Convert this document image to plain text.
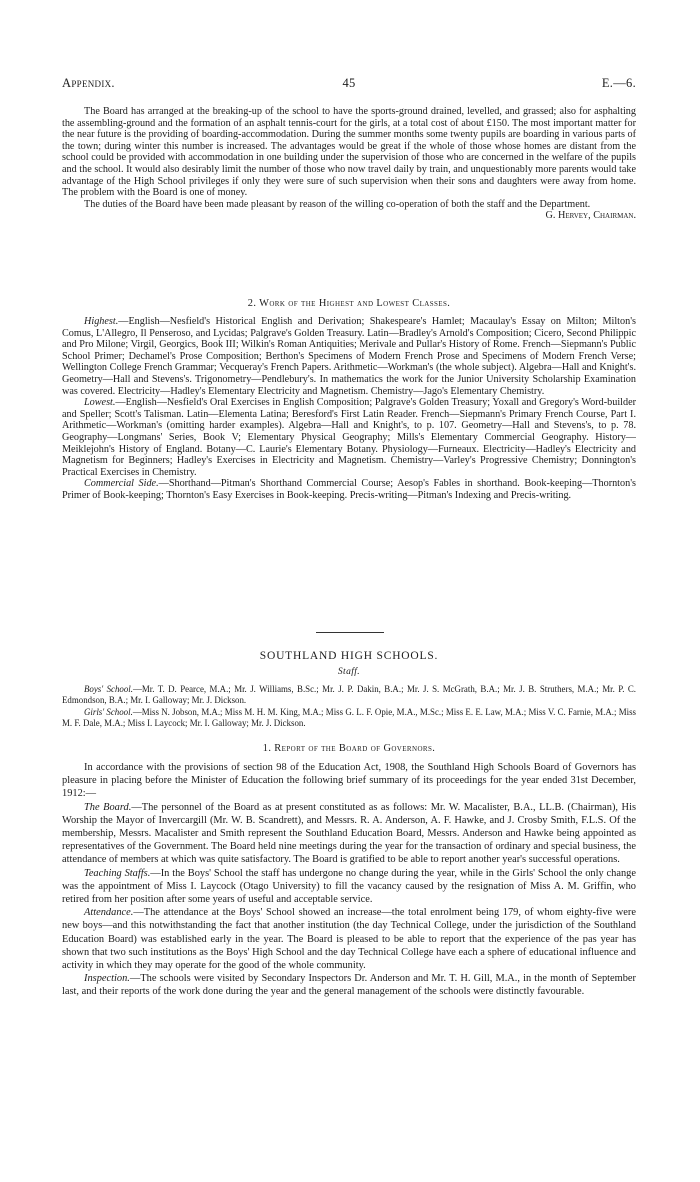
Appendix.	45	E.—6.

The Board has arranged at the breaking-up of the school to have the sports-ground drained, levelled, and grassed; also for asphalting the assembling-ground and the formation of an asphalt tennis-court for the girls, at a total cost of about £150. The most important matter for the near future is the providing of boarding-accommodation. During the summer months some twenty pupils are boarding in various parts of the town; during winter this number is increased. The advantages would be great if the whole of those whose homes are distant from the school could be provided with accommodation in one building under the supervision of those who are concerned in the welfare of the pupils and the school. It would also desirably limit the number of those who now travel daily by train, and unquestionably more parents would take advantage of the High School privileges if only they were sure of such supervision when their sons and daughters were away from home. The problem with the Board is one of money.

The duties of the Board have been made pleasant by reason of the willing co-operation of both the staff and the Department.
G. Hervey, Chairman.

2. Work of the Highest and Lowest Classes.

Highest.—English—Nesfield's Historical English and Derivation; Shakespeare's Hamlet; Macaulay's Essay on Milton; Milton's Comus, L'Allegro, Il Penseroso, and Lycidas; Palgrave's Golden Treasury. Latin—Bradley's Arnold's Composition; Cicero, Second Philippic and Pro Milone; Virgil, Georgics, Book III; Wilkin's Roman Antiquities; Merivale and Pullar's History of Rome. French—Siepmann's Public School Primer; Dechamel's Prose Composition; Berthon's Specimens of Modern French Prose and Specimens of Modern French Verse; Wellington College French Grammar; Vecqueray's French Papers. Arithmetic—Workman's (the whole subject). Algebra—Hall and Knight's. Geometry—Hall and Stevens's. Trigonometry—Pendlebury's. In mathematics the work for the Junior University Scholarship Examination was covered. Electricity—Hadley's Elementary Electricity and Magnetism. Chemistry—Jago's Elementary Chemistry.

Lowest.—English—Nesfield's Oral Exercises in English Composition; Palgrave's Golden Treasury; Yoxall and Gregory's Word-builder and Speller; Scott's Talisman. Latin—Elementa Latina; Beresford's First Latin Reader. French—Siepmann's Primary French Course, Part I. Arithmetic—Workman's (omitting harder examples). Algebra—Hall and Knight's, to p. 107. Geometry—Hall and Stevens's, to p. 78. Geography—Longmans' Series, Book V; Elementary Physical Geography; Mills's Elementary Commercial Geography. History—Meiklejohn's History of England. Botany—C. Laurie's Elementary Botany. Physiology—Furneaux. Electricity—Hadley's Electricity and Magnetism for Beginners; Hadley's Exercises in Electricity and Magnetism. Chemistry—Varley's Progressive Chemistry; Donnington's Practical Exercises in Chemistry.

Commercial Side.—Shorthand—Pitman's Shorthand Commercial Course; Aesop's Fables in shorthand. Book-keeping—Thornton's Primer of Book-keeping; Thornton's Easy Exercises in Book-keeping. Precis-writing—Pitman's Indexing and Precis-writing.

SOUTHLAND HIGH SCHOOLS.
Staff.

Boys' School.—Mr. T. D. Pearce, M.A.; Mr. J. Williams, B.Sc.; Mr. J. P. Dakin, B.A.; Mr. J. S. McGrath, B.A.; Mr. J. B. Struthers, M.A.; Mr. P. C. Edmondson, B.A.; Mr. I. Galloway; Mr. J. Dickson.

Girls' School.—Miss N. Jobson, M.A.; Miss M. H. M. King, M.A.; Miss G. L. F. Opie, M.A., M.Sc.; Miss E. E. Law, M.A.; Miss V. C. Farnie, M.A.; Miss M. F. Dale, M.A.; Miss I. Laycock; Mr. I. Galloway; Mr. J. Dickson.

1. Report of the Board of Governors.

In accordance with the provisions of section 98 of the Education Act, 1908, the Southland High Schools Board of Governors has pleasure in placing before the Minister of Education the following brief summary of its proceedings for the year ended 31st December, 1912:—

The Board.—The personnel of the Board as at present constituted as as follows: Mr. W. Macalister, B.A., LL.B. (Chairman), His Worship the Mayor of Invercargill (Mr. W. B. Scandrett), and Messrs. R. A. Anderson, A. F. Hawke, and J. Crosby Smith, F.L.S. Of the membership, Messrs. Macalister and Smith represent the Southland Education Board, Messrs. Anderson and Hawke being appointed as representatives of the Government. The Board held nine meetings during the year for the transaction of ordinary and special business, the attendance of members at which was quite satisfactory. The Board is gratified to be able to report another year's successful operations.

Teaching Staffs.—In the Boys' School the staff has undergone no change during the year, while in the Girls' School the only change was the appointment of Miss I. Laycock (Otago University) to fill the vacancy caused by the resignation of Miss A. M. Griffin, who retired from her position after some years of useful and acceptable service.

Attendance.—The attendance at the Boys' School showed an increase—the total enrolment being 179, of whom eighty-five were new boys—and this notwithstanding the fact that another institution (the day Technical College, under the jurisdiction of the Southland Education Board) was established early in the year. The Board is pleased to be able to report that the experience of the pas year has shown that two such institutions as the Boys' High School and the day Technical College have each a sphere of educational influence and activity in which they may operate for the good of the whole community.

Inspection.—The schools were visited by Secondary Inspectors Dr. Anderson and Mr. T. H. Gill, M.A., in the month of September last, and their reports of the work done during the year and the general management of the schools were distinctly favourable.
